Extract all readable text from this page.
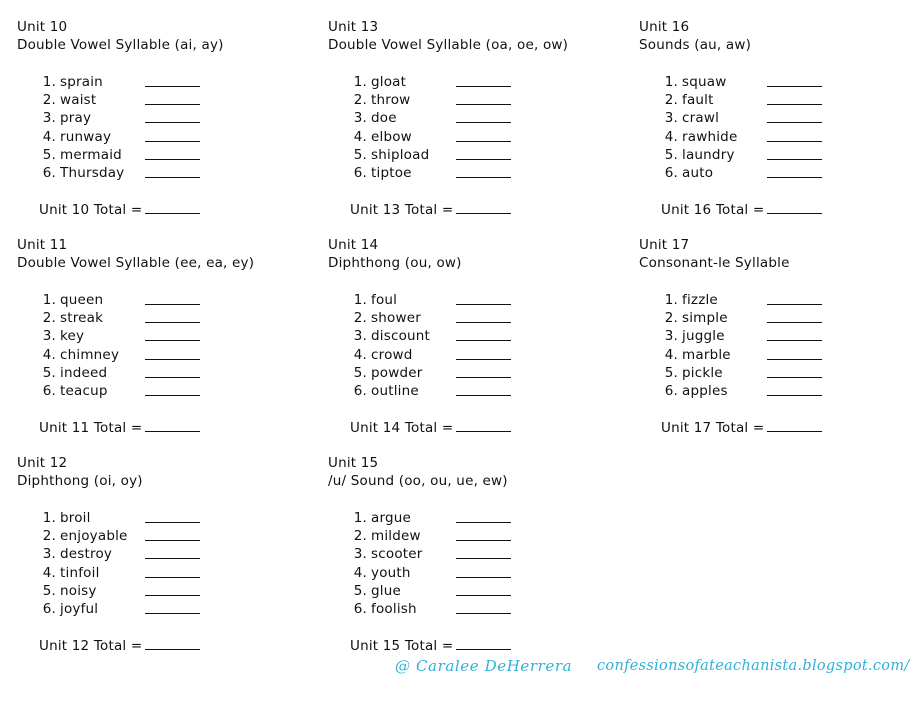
Unit 10
Double Vowel Syllable (ai, ay)
1. sprain
2. waist
3. pray
4. runway
5. mermaid
6. Thursday
Unit 10 Total =
Unit 11
Double Vowel Syllable (ee, ea, ey)
1. queen
2. streak
3. key
4. chimney
5. indeed
6. teacup
Unit 11 Total =
Unit 12
Diphthong (oi, oy)
1. broil
2. enjoyable
3. destroy
4. tinfoil
5. noisy
6. joyful
Unit 12 Total =
Unit 13
Double Vowel Syllable (oa, oe, ow)
1. gloat
2. throw
3. doe
4. elbow
5. shipload
6. tiptoe
Unit 13 Total =
Unit 14
Diphthong (ou, ow)
1. foul
2. shower
3. discount
4. crowd
5. powder
6. outline
Unit 14 Total =
Unit 15
/u/ Sound (oo, ou, ue, ew)
1. argue
2. mildew
3. scooter
4. youth
5. glue
6. foolish
Unit 15 Total =
Unit 16
Sounds (au, aw)
1. squaw
2. fault
3. crawl
4. rawhide
5. laundry
6. auto
Unit 16 Total =
Unit 17
Consonant-le Syllable
1. fizzle
2. simple
3. juggle
4. marble
5. pickle
6. apples
Unit 17 Total =
@ Caralee DeHerrera confessionsofateachanista.blogspot.com/
